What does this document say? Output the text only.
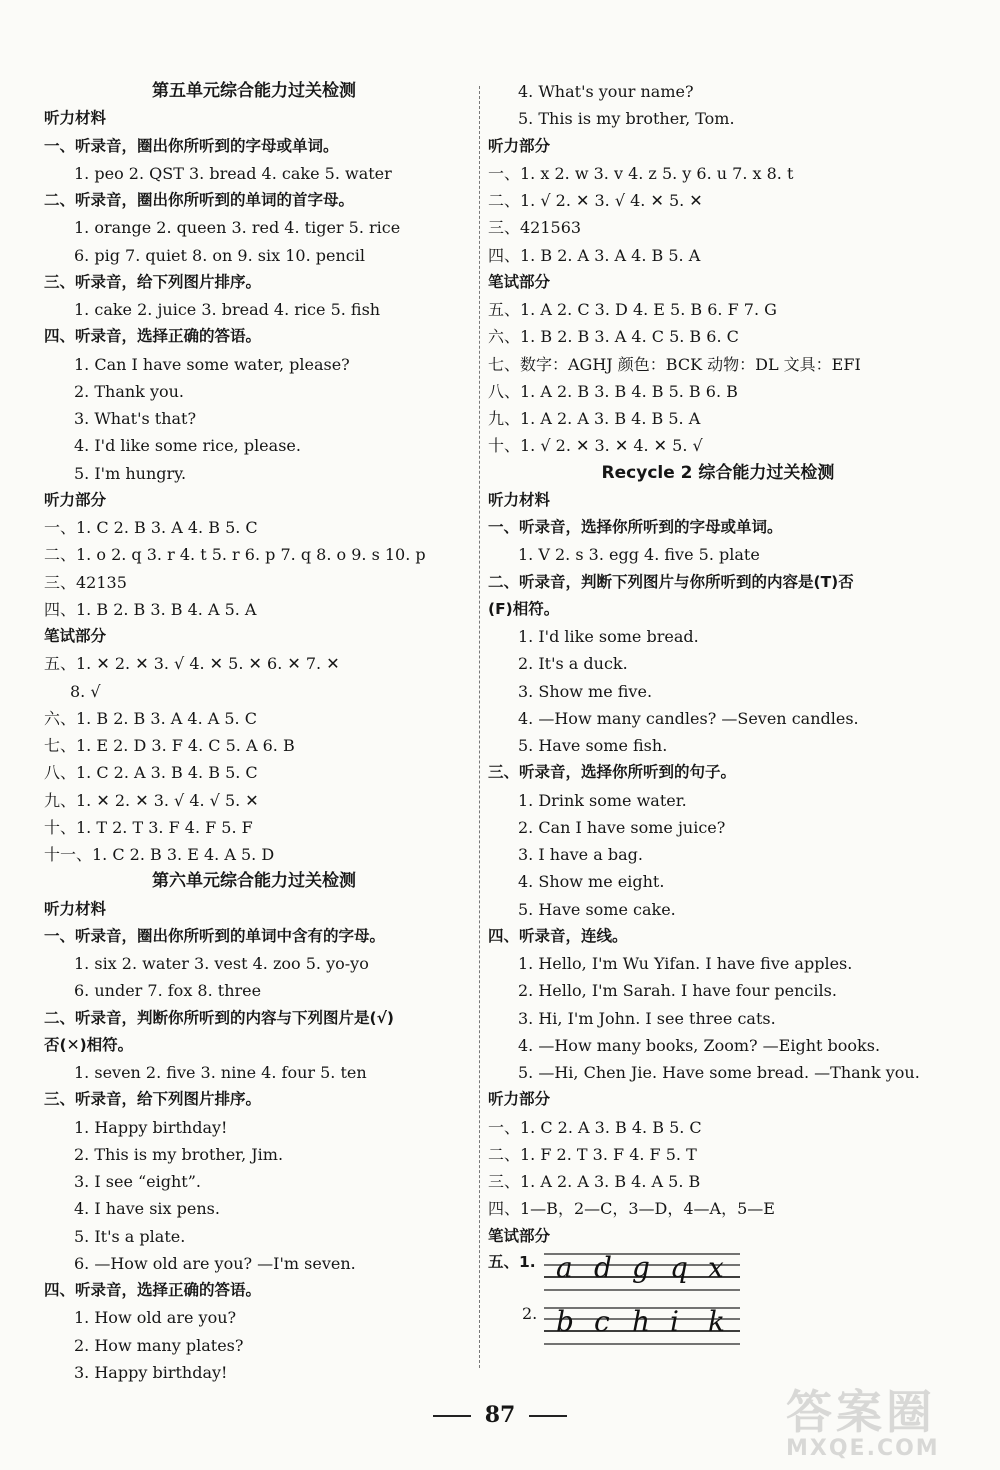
第五单元综合能力过关检测
听力材料
一、听录音，圈出你所听到的字母或单词。
1. peo 2. QST 3. bread 4. cake 5. water
二、听录音，圈出你所听到的单词的首字母。
1. orange 2. queen 3. red 4. tiger 5. rice
6. pig 7. quiet 8. on 9. six 10. pencil
三、听录音，给下列图片排序。
1. cake 2. juice 3. bread 4. rice 5. fish
四、听录音，选择正确的答语。
1. Can I have some water, please?
2. Thank you.
3. What's that?
4. I'd like some rice, please.
5. I'm hungry.
听力部分
一、1. C 2. B 3. A 4. B 5. C
二、1. o 2. q 3. r 4. t 5. r 6. p 7. q 8. o 9. s 10. p
三、42135
四、1. B 2. B 3. B 4. A 5. A
笔试部分
五、1. ✕ 2. ✕ 3. √ 4. ✕ 5. ✕ 6. ✕ 7. ✕
8. √
六、1. B 2. B 3. A 4. A 5. C
七、1. E 2. D 3. F 4. C 5. A 6. B
八、1. C 2. A 3. B 4. B 5. C
九、1. ✕ 2. ✕ 3. √ 4. √ 5. ✕
十、1. T 2. T 3. F 4. F 5. F
十一、1. C 2. B 3. E 4. A 5. D
第六单元综合能力过关检测
听力材料
一、听录音，圈出你所听到的单词中含有的字母。
1. six 2. water 3. vest 4. zoo 5. yo-yo
6. under 7. fox 8. three
二、听录音，判断你所听到的内容与下列图片是(√)
否(✕)相符。
1. seven 2. five 3. nine 4. four 5. ten
三、听录音，给下列图片排序。
1. Happy birthday!
2. This is my brother, Jim.
3. I see “eight”.
4. I have six pens.
5. It's a plate.
6. —How old are you? —I'm seven.
四、听录音，选择正确的答语。
1. How old are you?
2. How many plates?
3. Happy birthday!
4. What's your name?
5. This is my brother, Tom.
听力部分
一、1. x 2. w 3. v 4. z 5. y 6. u 7. x 8. t
二、1. √ 2. ✕ 3. √ 4. ✕ 5. ✕
三、421563
四、1. B 2. A 3. A 4. B 5. A
笔试部分
五、1. A 2. C 3. D 4. E 5. B 6. F 7. G
六、1. B 2. B 3. A 4. C 5. B 6. C
七、数字：AGHJ 颜色：BCK 动物：DL 文具：EFI
八、1. A 2. B 3. B 4. B 5. B 6. B
九、1. A 2. A 3. B 4. B 5. A
十、1. √ 2. ✕ 3. ✕ 4. ✕ 5. √
Recycle 2 综合能力过关检测
听力材料
一、听录音，选择你所听到的字母或单词。
1. V 2. s 3. egg 4. five 5. plate
二、听录音，判断下列图片与你所听到的内容是(T)否
(F)相符。
1. I'd like some bread.
2. It's a duck.
3. Show me five.
4. —How many candles? —Seven candles.
5. Have some fish.
三、听录音，选择你所听到的句子。
1. Drink some water.
2. Can I have some juice?
3. I have a bag.
4. Show me eight.
5. Have some cake.
四、听录音，连线。
1. Hello, I'm Wu Yifan. I have five apples.
2. Hello, I'm Sarah. I have four pencils.
3. Hi, I'm John. I see three cats.
4. —How many books, Zoom? —Eight books.
5. —Hi, Chen Jie. Have some bread. —Thank you.
听力部分
一、1. C 2. A 3. B 4. B 5. C
二、1. F 2. T 3. F 4. F 5. T
三、1. A 2. A 3. B 4. A 5. B
四、1—B，2—C，3—D，4—A，5—E
笔试部分
五、1. a d g q x
2. b c h i k
87	答案圈
MXQE.COM
